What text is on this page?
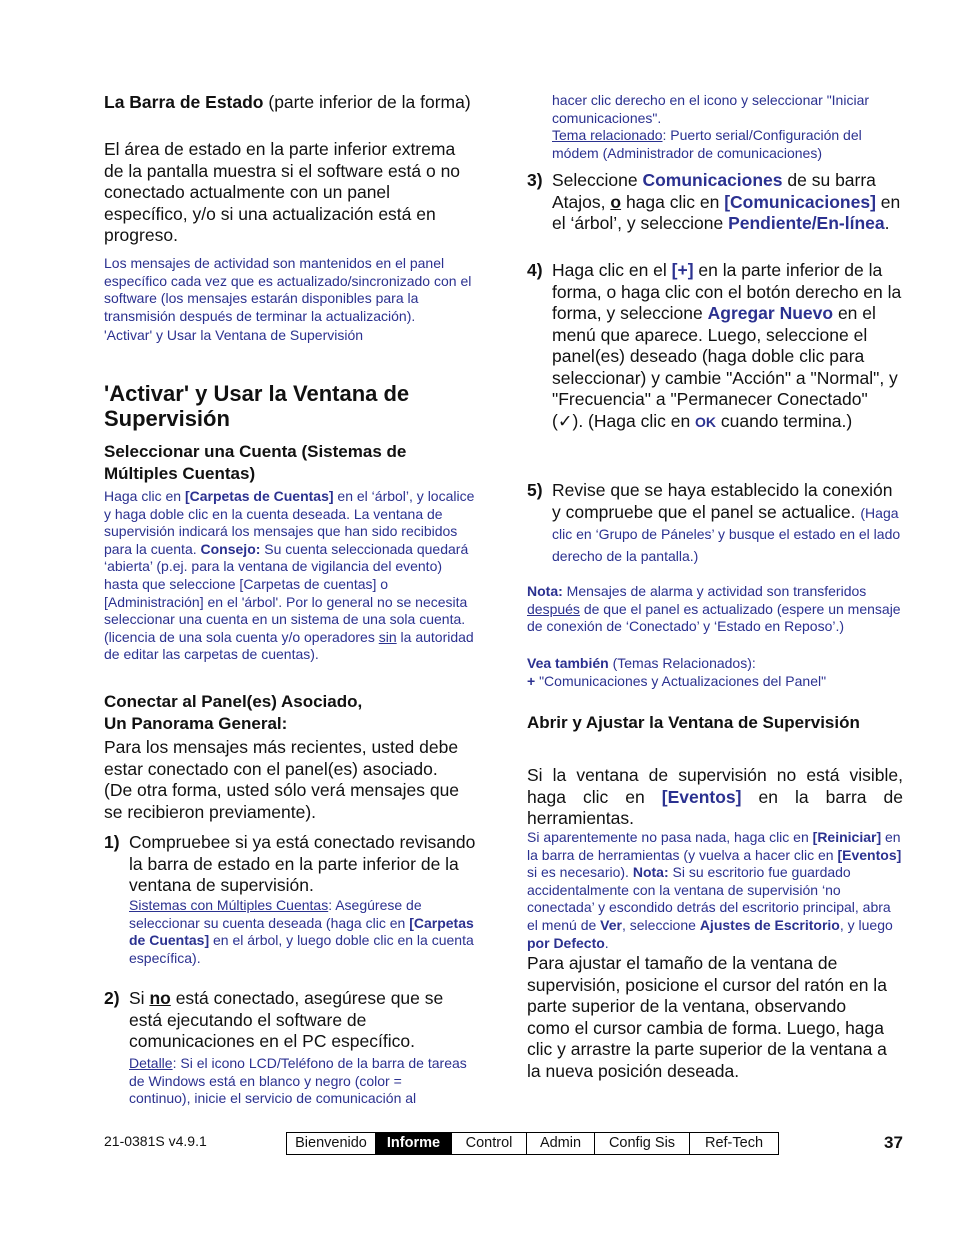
La Barra de Estado (parte inferior de la forma)
El área de estado en la parte inferior extrema de la pantalla muestra si el software está o no conectado actualmente con un panel específico, y/o si una actualización está en progreso.
Los mensajes de actividad son mantenidos en el panel específico cada vez que es actualizado/sincronizado con el software (los mensajes estarán disponibles para la transmisión después de terminar la actualización).
'Activar' y Usar la Ventana de Supervisión
'Activar' y Usar la Ventana de Supervisión
Seleccionar una Cuenta (Sistemas de Múltiples Cuentas)
Haga clic en [Carpetas de Cuentas] en el ‘árbol’, y localice y haga doble clic en la cuenta deseada. La ventana de supervisión indicará los mensajes que han sido recibidos para la cuenta. Consejo: Su cuenta seleccionada quedará ‘abierta’ (p.ej. para la ventana de vigilancia del evento) hasta que seleccione [Carpetas de cuentas] o [Administración] en el 'árbol'. Por lo general no se necesita seleccionar una cuenta en un sistema de una sola cuenta. (licencia de una sola cuenta y/o operadores sin la autoridad de editar las carpetas de cuentas).
Conectar al Panel(es) Asociado,
Un Panorama General:
Para los mensajes más recientes, usted debe estar conectado con el panel(es) asociado. (De otra forma, usted sólo verá mensajes que se recibieron previamente).
1) Compruebee si ya está conectado revisando la barra de estado en la parte inferior de la ventana de supervisión.
Sistemas con Múltiples Cuentas: Asegúrese de seleccionar su cuenta deseada (haga clic en [Carpetas de Cuentas] en el árbol, y luego doble clic en la cuenta específica).
2) Si no está conectado, asegúrese que se está ejecutando el software de comunicaciones en el PC específico.
Detalle: Si el icono LCD/Teléfono de la barra de tareas de Windows está en blanco y negro (color = continuo), inicie el servicio de comunicación al
hacer clic derecho en el icono y seleccionar "Iniciar comunicaciones".
Tema relacionado: Puerto serial/Configuración del módem (Administrador de comunicaciones)
3) Seleccione Comunicaciones de su barra Atajos, o haga clic en [Comunicaciones] en el ‘árbol’, y seleccione Pendiente/En-línea.
4) Haga clic en el [+] en la parte inferior de la forma, o haga clic con el botón derecho en la forma, y seleccione Agregar Nuevo en el menú que aparece. Luego, seleccione el panel(es) deseado (haga doble clic para seleccionar) y cambie "Acción" a "Normal", y "Frecuencia" a "Permanecer Conectado" (✓). (Haga clic en OK cuando termina.)
5) Revise que se haya establecido la conexión y compruebe que el panel se actualice. (Haga clic en ‘Grupo de Páneles’ y busque el estado en el lado derecho de la pantalla.)
Nota: Mensajes de alarma y actividad son transferidos después de que el panel es actualizado (espere un mensaje de conexión de ‘Conectado’ y ‘Estado en Reposo’.)
Vea también (Temas Relacionados):
+ "Comunicaciones y Actualizaciones del Panel"
Abrir y Ajustar la Ventana de Supervisión
Si la ventana de supervisión no está visible, haga clic en [Eventos] en la barra de herramientas.
Si aparentemente no pasa nada, haga clic en [Reiniciar] en la barra de herramientas (y vuelva a hacer clic en [Eventos] si es necesario). Nota: Si su escritorio fue guardado accidentalmente con la ventana de supervisión ‘no conectada’ y escondido detrás del escritorio principal, abra el menú de Ver, seleccione Ajustes de Escritorio, y luego por Defecto.
Para ajustar el tamaño de la ventana de supervisión, posicione el cursor del ratón en la parte superior de la ventana, observando como el cursor cambia de forma. Luego, haga clic y arrastre la parte superior de la ventana a la nueva posición deseada.
21-0381S v4.9.1	Bienvenido	Informe	Control	Admin	Config Sis	Ref-Tech	37
